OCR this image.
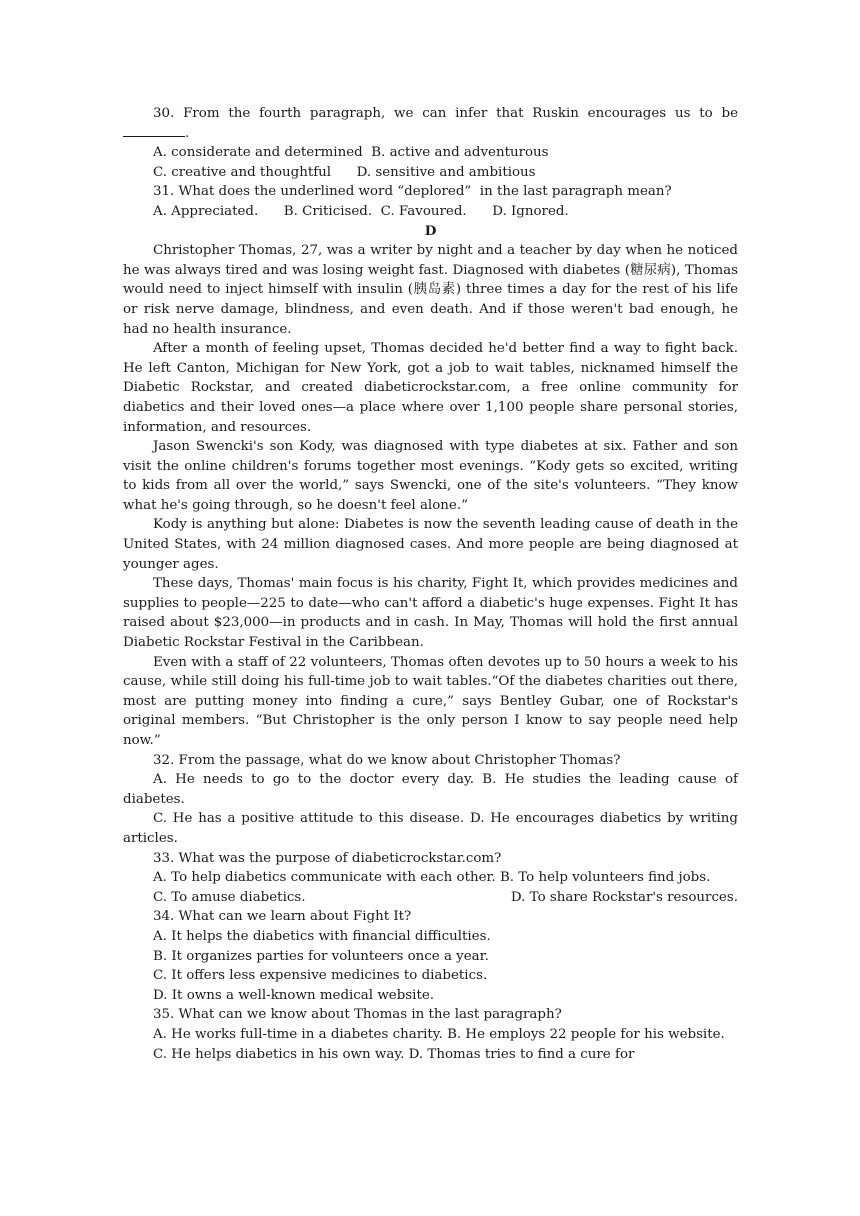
30. From the fourth paragraph, we can infer that Ruskin encourages us to be .

A. considerate and determined  B. active and adventurous

C. creative and thoughtful      D. sensitive and ambitious

31. What does the underlined word “deplored”  in the last paragraph mean?

A. Appreciated.      B. Criticised.  C. Favoured.      D. Ignored.

D

Christopher Thomas, 27, was a writer by night and a teacher by day when he noticed he was always tired and was losing weight fast. Diagnosed with diabetes (糖尿病), Thomas would need to inject himself with insulin (胰岛素) three times a day for the rest of his life or risk nerve damage, blindness, and even death. And if those weren't bad enough, he had no health insurance.

After a month of feeling upset, Thomas decided he'd better find a way to fight back. He left Canton, Michigan for New York, got a job to wait tables, nicknamed himself the Diabetic Rockstar, and created diabeticrockstar.com, a free online community for diabetics and their loved ones—a place where over 1,100 people share personal stories, information, and resources.

Jason Swencki's son Kody, was diagnosed with type diabetes at six. Father and son visit the online children's forums together most evenings. “Kody gets so excited, writing to kids from all over the world,” says Swencki, one of the site's volunteers. “They know what he's going through, so he doesn't feel alone.”

Kody is anything but alone: Diabetes is now the seventh leading cause of death in the United States, with 24 million diagnosed cases. And more people are being diagnosed at younger ages.

These days, Thomas' main focus is his charity, Fight It, which provides medicines and supplies to people—225 to date—who can't afford a diabetic's huge expenses. Fight It has raised about $23,000—in products and in cash. In May, Thomas will hold the first annual Diabetic Rockstar Festival in the Caribbean.

Even with a staff of 22 volunteers, Thomas often devotes up to 50 hours a week to his cause, while still doing his full-time job to wait tables.“Of the diabetes charities out there, most are putting money into finding a cure,” says Bentley Gubar, one of Rockstar's original members. “But Christopher is the only person I know to say people need help now.”

32. From the passage, what do we know about Christopher Thomas?

A. He needs to go to the doctor every day. B. He studies the leading cause of diabetes.

C. He has a positive attitude to this disease. D. He encourages diabetics by writing articles.

33. What was the purpose of diabeticrockstar.com?

A. To help diabetics communicate with each other. B. To help volunteers find jobs.

C. To amuse diabetics.	D. To share Rockstar's resources.

34. What can we learn about Fight It?

A. It helps the diabetics with financial difficulties.

B. It organizes parties for volunteers once a year.

C. It offers less expensive medicines to diabetics.

D. It owns a well-known medical website.

35. What can we know about Thomas in the last paragraph?

A. He works full-time in a diabetes charity. B. He employs 22 people for his website.

C. He helps diabetics in his own way. D. Thomas tries to find a cure for
